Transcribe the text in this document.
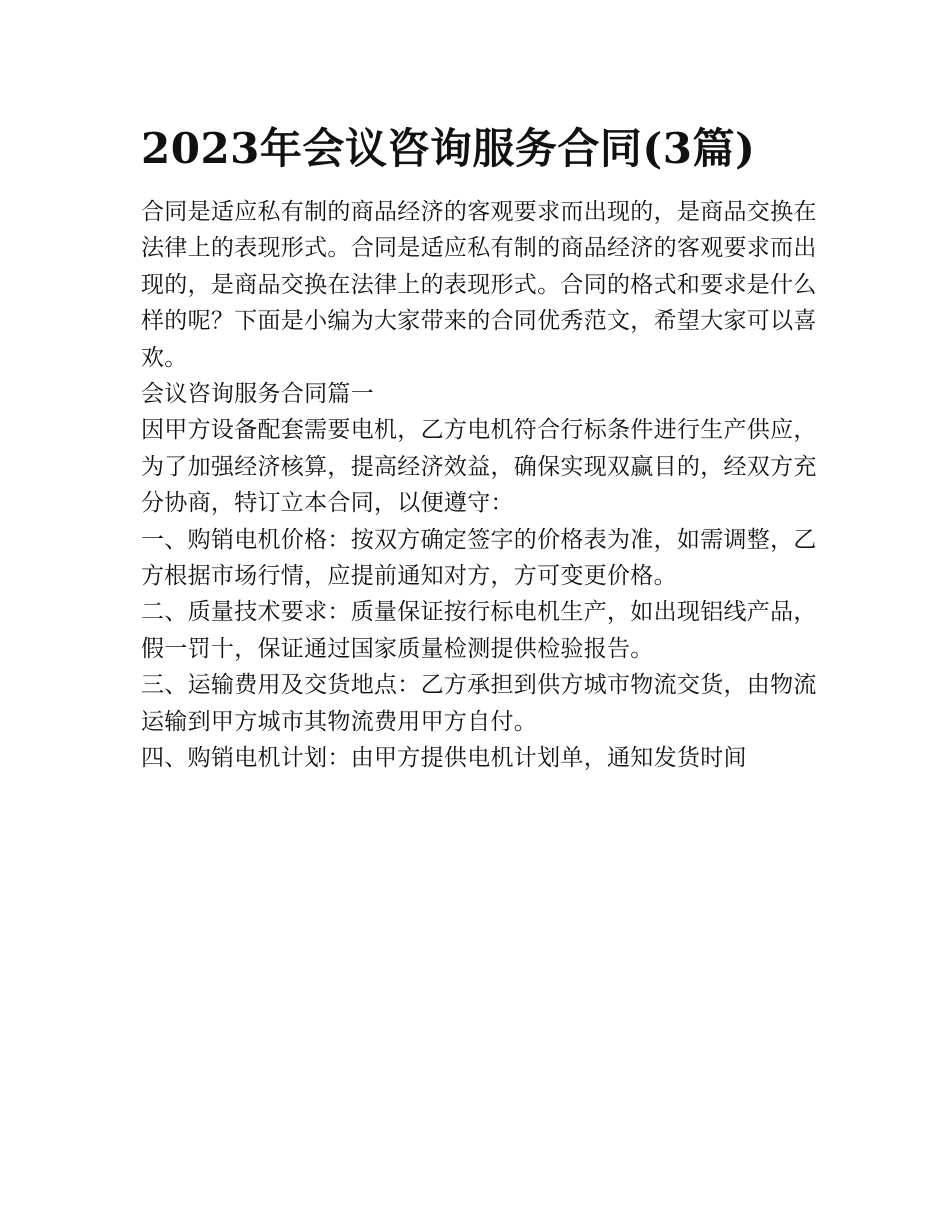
2023年会议咨询服务合同(3篇)

合同是适应私有制的商品经济的客观要求而出现的，是商品交换在法律上的表现形式。合同是适应私有制的商品经济的客观要求而出现的，是商品交换在法律上的表现形式。合同的格式和要求是什么样的呢？下面是小编为大家带来的合同优秀范文，希望大家可以喜欢。

会议咨询服务合同篇一

因甲方设备配套需要电机，乙方电机符合行标条件进行生产供应，为了加强经济核算，提高经济效益，确保实现双赢目的，经双方充分协商，特订立本合同，以便遵守：

一、购销电机价格：按双方确定签字的价格表为准，如需调整，乙方根据市场行情，应提前通知对方，方可变更价格。

二、质量技术要求：质量保证按行标电机生产，如出现铝线产品，假一罚十，保证通过国家质量检测提供检验报告。

三、运输费用及交货地点：乙方承担到供方城市物流交货，由物流运输到甲方城市其物流费用甲方自付。

四、购销电机计划：由甲方提供电机计划单，通知发货时间
